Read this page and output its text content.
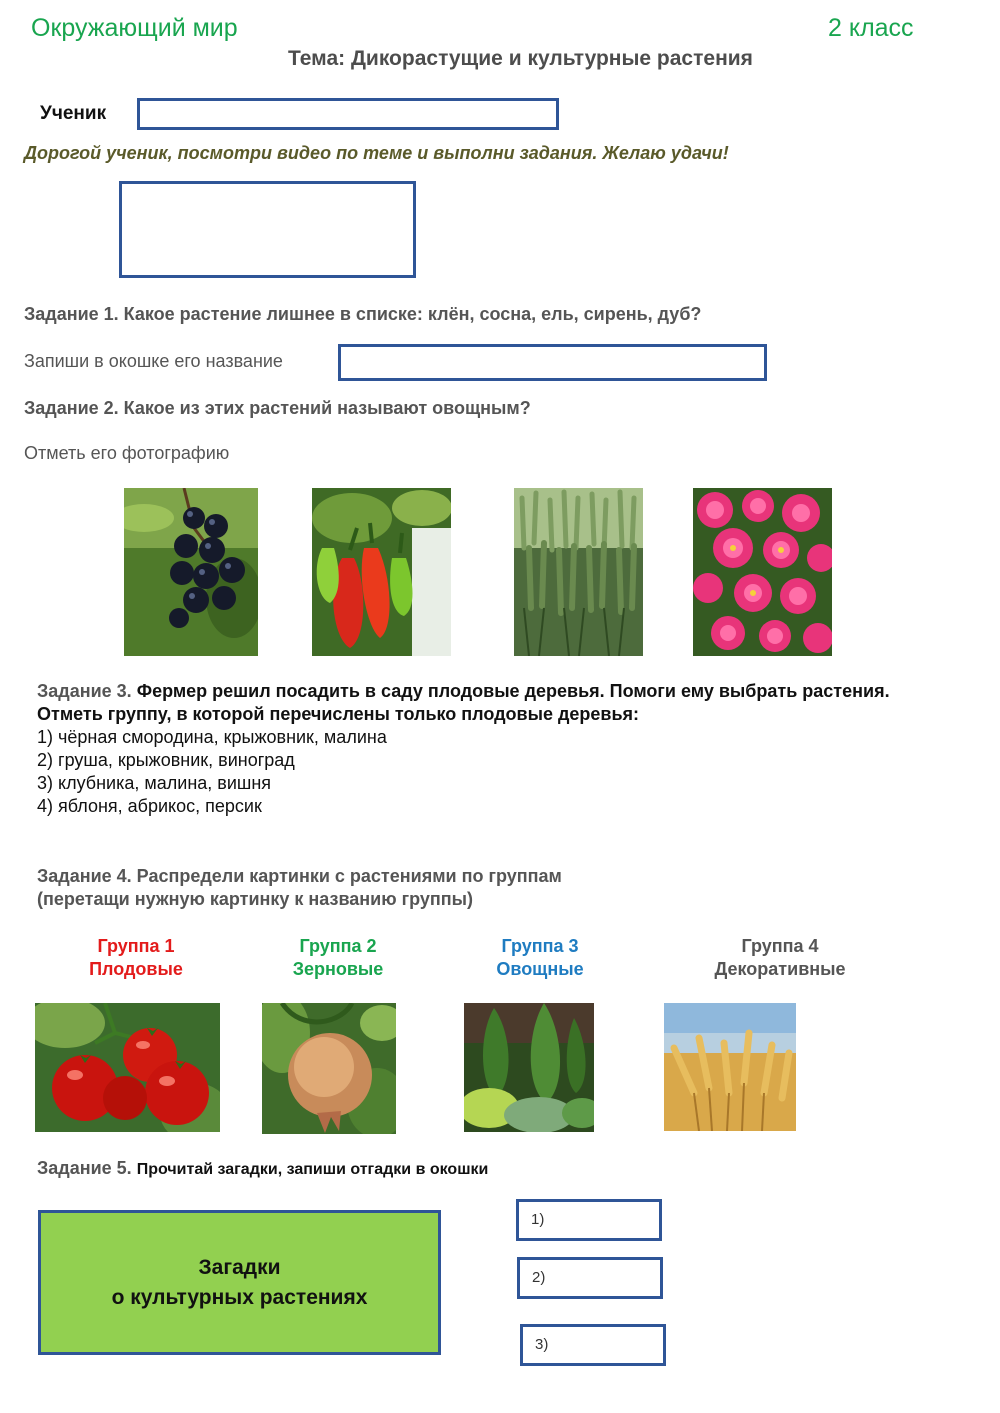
Окружающий мир	2 класс
Тема: Дикорастущие и культурные растения
Ученик
Дорогой ученик, посмотри видео по теме и выполни задания. Желаю удачи!
Задание 1. Какое растение лишнее в списке: клён, сосна, ель, сирень, дуб?
Запиши в окошке его название
Задание 2. Какое из этих растений называют овощным?
Отметь его фотографию
Задание 3. Фермер решил посадить в саду плодовые деревья. Помоги ему выбрать растения.
Отметь группу, в которой перечислены только плодовые деревья:
1) чёрная смородина, крыжовник, малина
2) груша, крыжовник, виноград
3) клубника, малина, вишня
4) яблоня, абрикос, персик
Задание 4. Распредели картинки с растениями по группам
(перетащи нужную картинку к названию группы)
Группа 1
Плодовые
Группа 2
Зерновые
Группа 3
Овощные
Группа 4
Декоративные
Задание 5. Прочитай загадки, запиши отгадки в окошки
Загадки
о культурных растениях
1)
2)
3)
